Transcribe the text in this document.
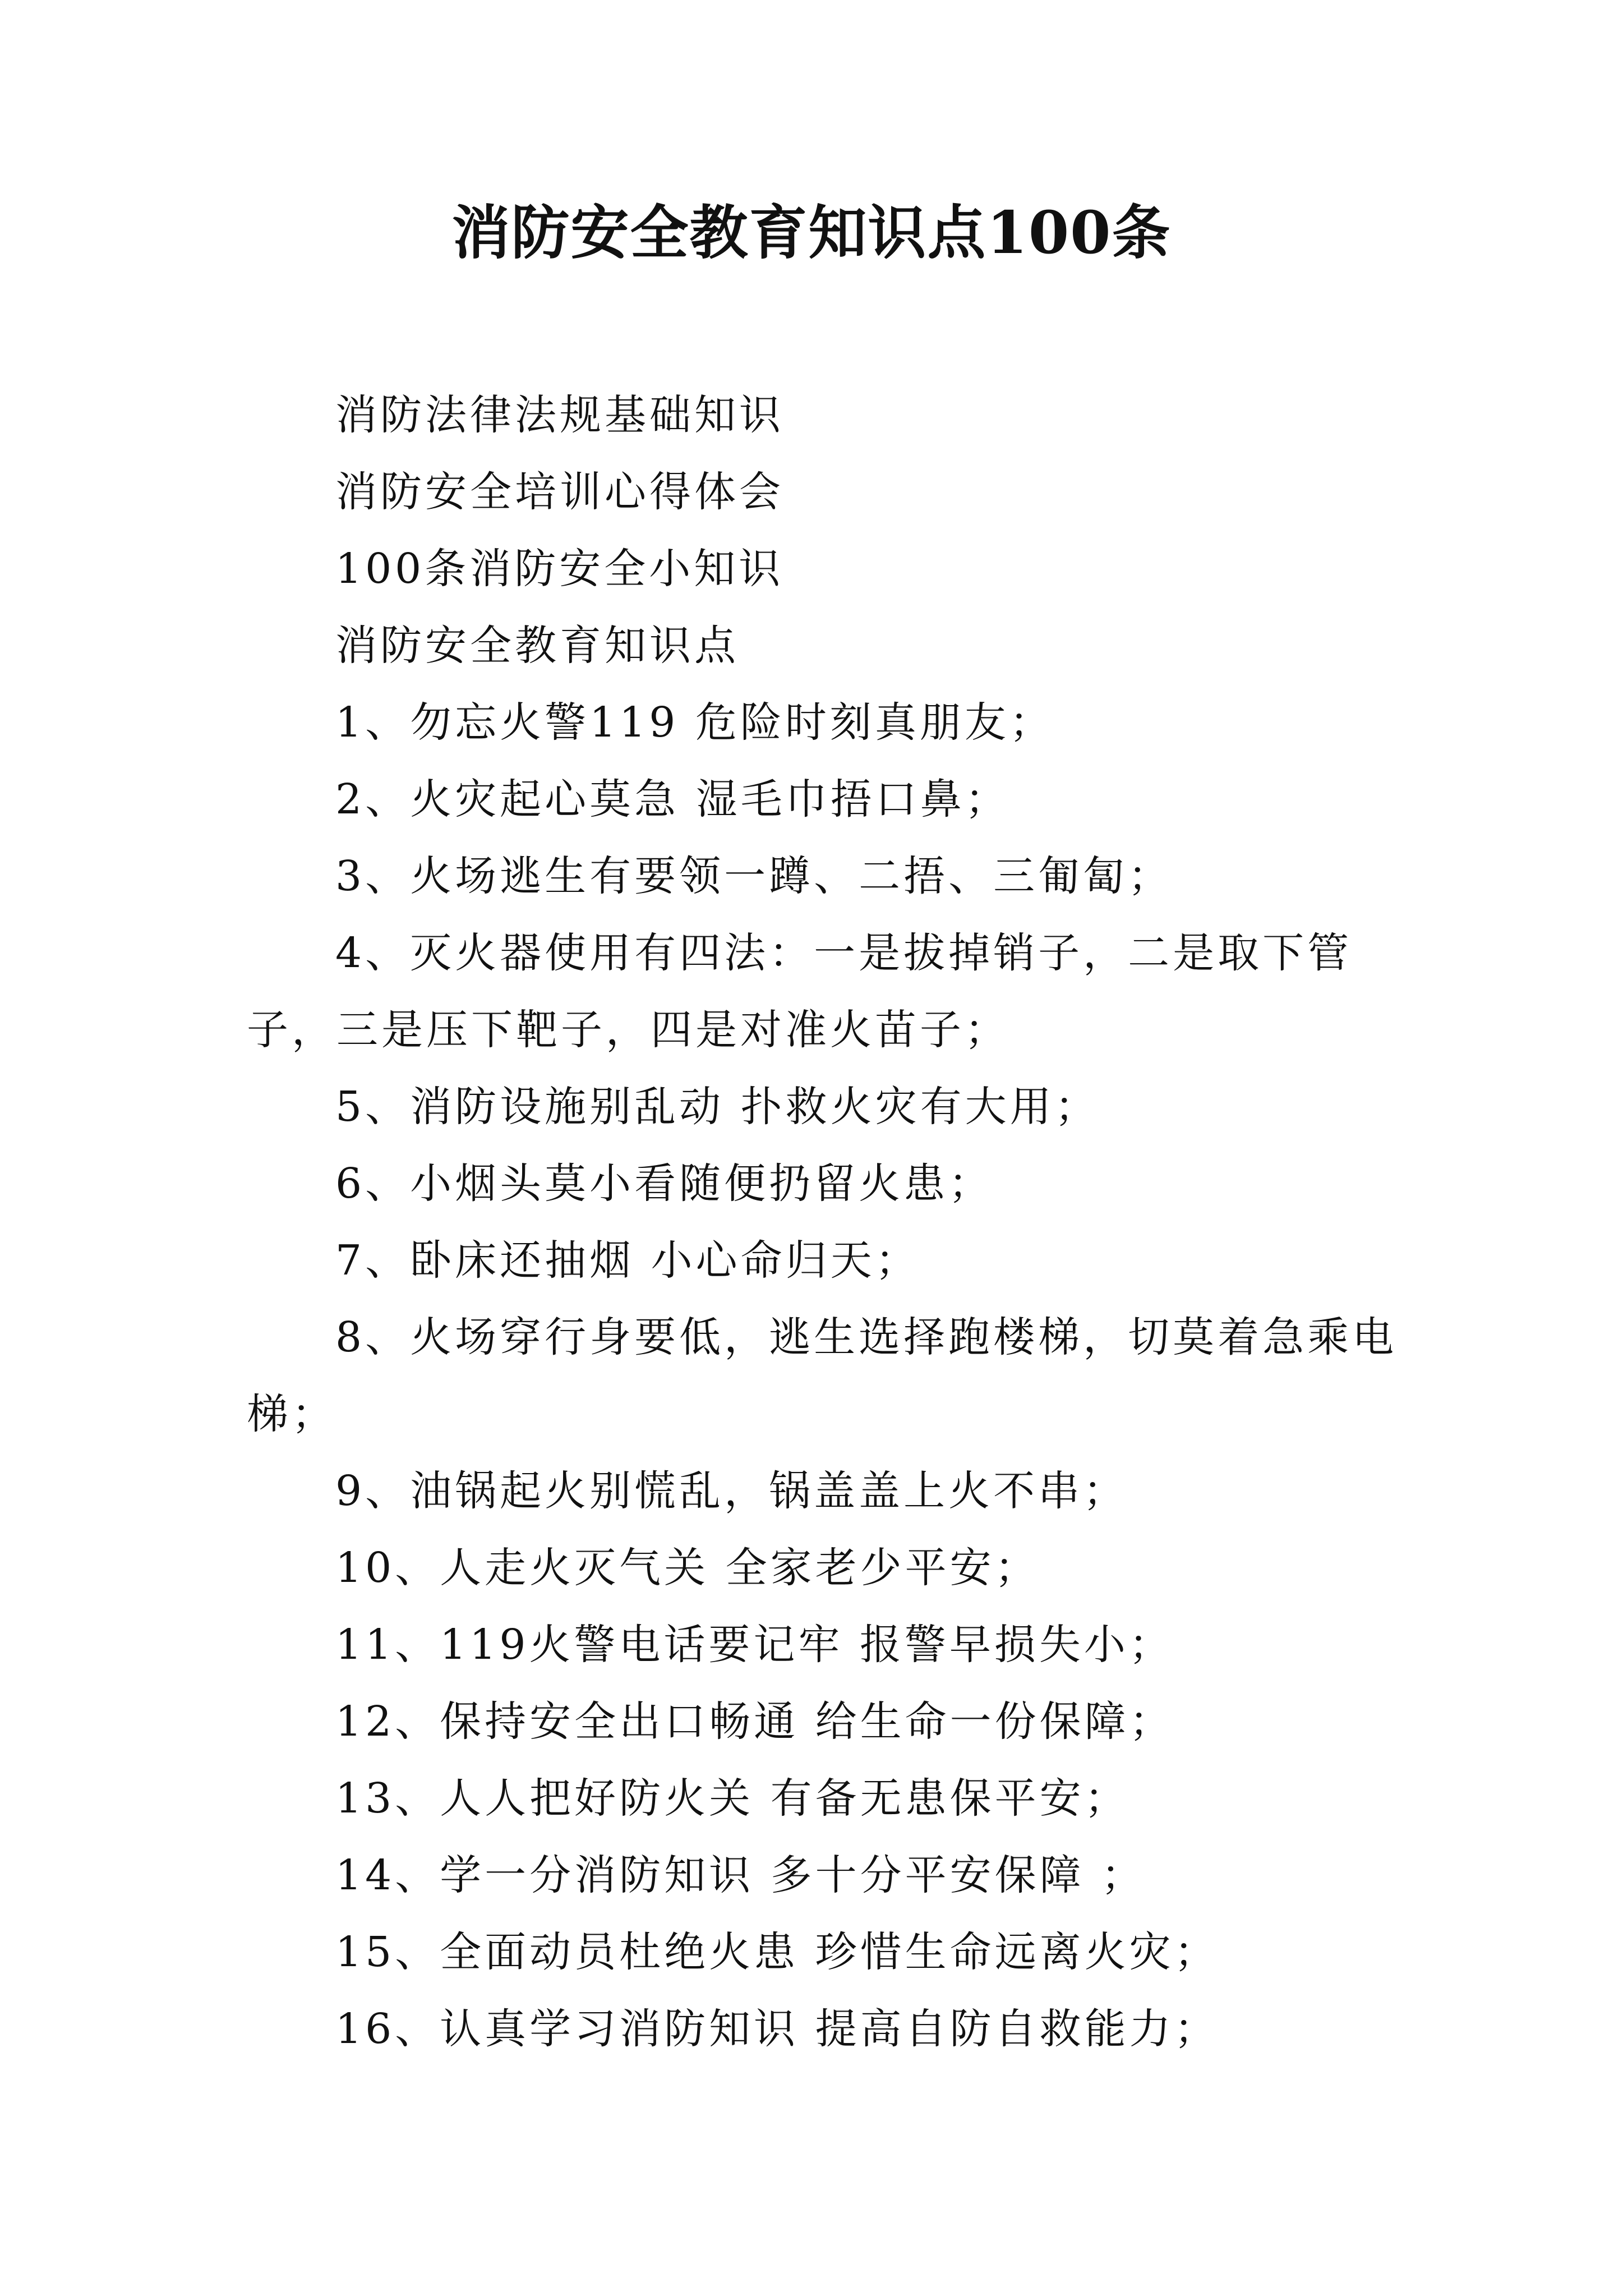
消防安全教育知识点100条

消防法律法规基础知识

消防安全培训心得体会

100条消防安全小知识

消防安全教育知识点

1、勿忘火警119 危险时刻真朋友；

2、火灾起心莫急 湿毛巾捂口鼻；

3、火场逃生有要领一蹲、二捂、三匍匐；

4、灭火器使用有四法：一是拔掉销子，二是取下管子，三是压下靶子，四是对准火苗子；

5、消防设施别乱动 扑救火灾有大用；

6、小烟头莫小看随便扔留火患；

7、卧床还抽烟 小心命归天；

8、火场穿行身要低，逃生选择跑楼梯，切莫着急乘电梯；

9、油锅起火别慌乱，锅盖盖上火不串；

10、人走火灭气关 全家老少平安；

11、119火警电话要记牢 报警早损失小；

12、保持安全出口畅通 给生命一份保障；

13、人人把好防火关 有备无患保平安；

14、学一分消防知识 多十分平安保障 ；

15、全面动员杜绝火患 珍惜生命远离火灾；

16、认真学习消防知识 提高自防自救能力；
